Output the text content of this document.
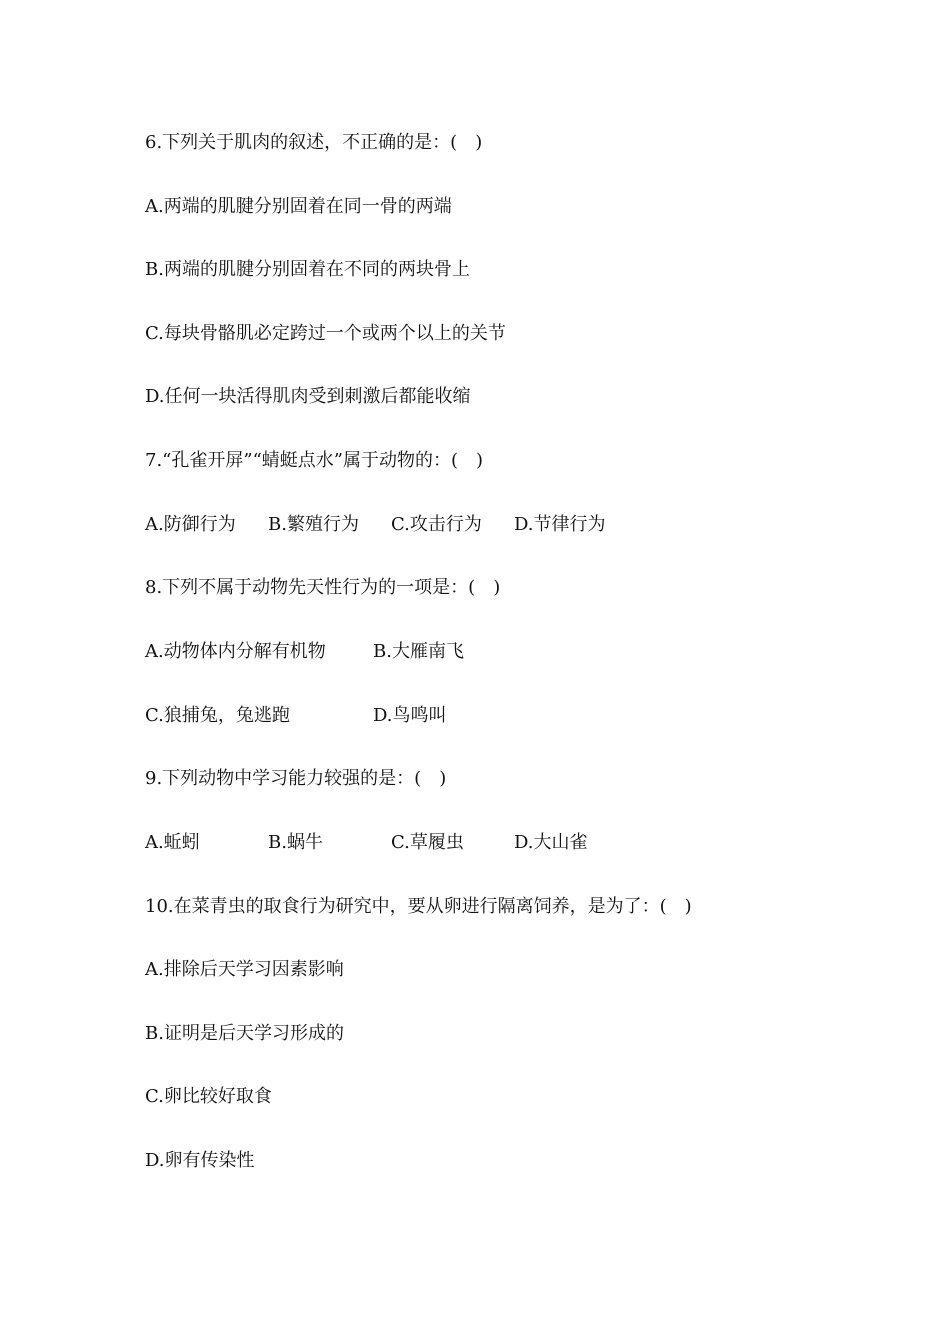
6.下列关于肌肉的叙述，不正确的是：(　)
A.两端的肌腱分别固着在同一骨的两端
B.两端的肌腱分别固着在不同的两块骨上
C.每块骨骼肌必定跨过一个或两个以上的关节
D.任何一块活得肌肉受到刺激后都能收缩
7.“孔雀开屏”“蜻蜓点水”属于动物的：(　)
A.防御行为 B.繁殖行为 C.攻击行为 D.节律行为
8.下列不属于动物先天性行为的一项是：(　)
A.动物体内分解有机物	B.大雁南飞
C.狼捕兔，兔逃跑	D.鸟鸣叫
9.下列动物中学习能力较强的是：(　)
A.蚯蚓	B.蜗牛	C.草履虫	D.大山雀
10.在菜青虫的取食行为研究中，要从卵进行隔离饲养，是为了：(　)
A.排除后天学习因素影响
B.证明是后天学习形成的
C.卵比较好取食
D.卵有传染性
